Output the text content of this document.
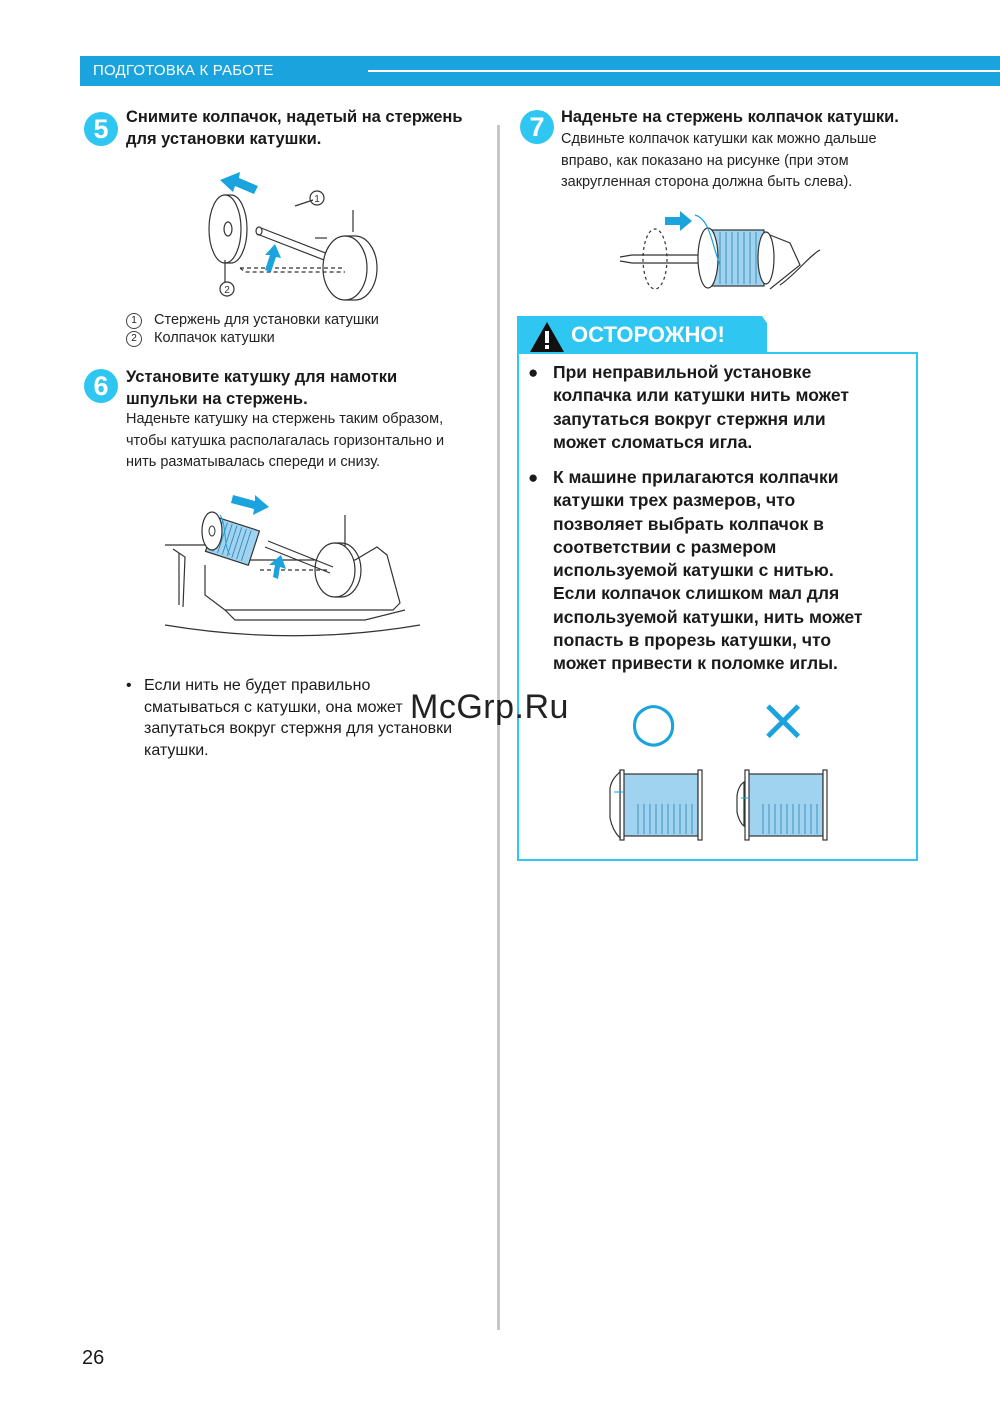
ПОДГОТОВКА К РАБОТЕ
5	Снимите колпачок, надетый на стержень
для установки катушки.
1
2
1 Стержень для установки катушки
2 Колпачок катушки
6	Установите катушку для намотки
шпульки на стержень.
Наденьте катушку на стержень таким образом,
чтобы катушка располагалась горизонтально и
нить разматывалась спереди и снизу.
• Если нить не будет правильно
сматываться с катушки, она может
запутаться вокруг стержня для установки
катушки.
7 Наденьте на стержень колпачок катушки.
Сдвиньте колпачок катушки как можно дальше
вправо, как показано на рисунке (при этом
закругленная сторона должна быть слева).
ОСТОРОЖНО!
● При неправильной установке
колпачка или катушки нить может
запутаться вокруг стержня или
может сломаться игла.
● К машине прилагаются колпачки
катушки трех размеров, что
позволяет выбрать колпачок в
соответствии с размером
используемой катушки с нитью.
Если колпачок слишком мал для
используемой катушки, нить может
попасть в прорезь катушки, что
может привести к поломке иглы.
○ ×
McGrp.Ru
26
